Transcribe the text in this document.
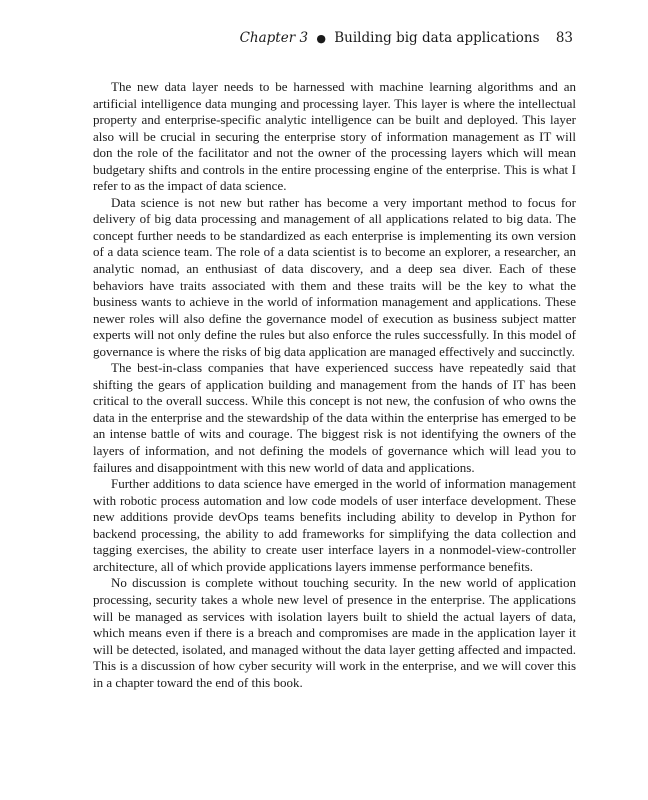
Chapter 3 ● Building big data applications 83

The new data layer needs to be harnessed with machine learning algorithms and an artificial intelligence data munging and processing layer. This layer is where the intellectual property and enterprise-specific analytic intelligence can be built and deployed. This layer also will be crucial in securing the enterprise story of information management as IT will don the role of the facilitator and not the owner of the processing layers which will mean budgetary shifts and controls in the entire processing engine of the enterprise. This is what I refer to as the impact of data science.

Data science is not new but rather has become a very important method to focus for delivery of big data processing and management of all applications related to big data. The concept further needs to be standardized as each enterprise is implementing its own version of a data science team. The role of a data scientist is to become an explorer, a researcher, an analytic nomad, an enthusiast of data discovery, and a deep sea diver. Each of these behaviors have traits associated with them and these traits will be the key to what the business wants to achieve in the world of information management and applications. These newer roles will also define the governance model of execution as business subject matter experts will not only define the rules but also enforce the rules successfully. In this model of governance is where the risks of big data application are managed effectively and succinctly.

The best-in-class companies that have experienced success have repeatedly said that shifting the gears of application building and management from the hands of IT has been critical to the overall success. While this concept is not new, the confusion of who owns the data in the enterprise and the stewardship of the data within the enterprise has emerged to be an intense battle of wits and courage. The biggest risk is not identifying the owners of the layers of information, and not defining the models of governance which will lead you to failures and disappointment with this new world of data and applications.

Further additions to data science have emerged in the world of information management with robotic process automation and low code models of user interface development. These new additions provide devOps teams benefits including ability to develop in Python for backend processing, the ability to add frameworks for simplifying the data collection and tagging exercises, the ability to create user interface layers in a nonmodel-view-controller architecture, all of which provide applications layers immense performance benefits.

No discussion is complete without touching security. In the new world of application processing, security takes a whole new level of presence in the enterprise. The applications will be managed as services with isolation layers built to shield the actual layers of data, which means even if there is a breach and compromises are made in the application layer it will be detected, isolated, and managed without the data layer getting affected and impacted. This is a discussion of how cyber security will work in the enterprise, and we will cover this in a chapter toward the end of this book.
